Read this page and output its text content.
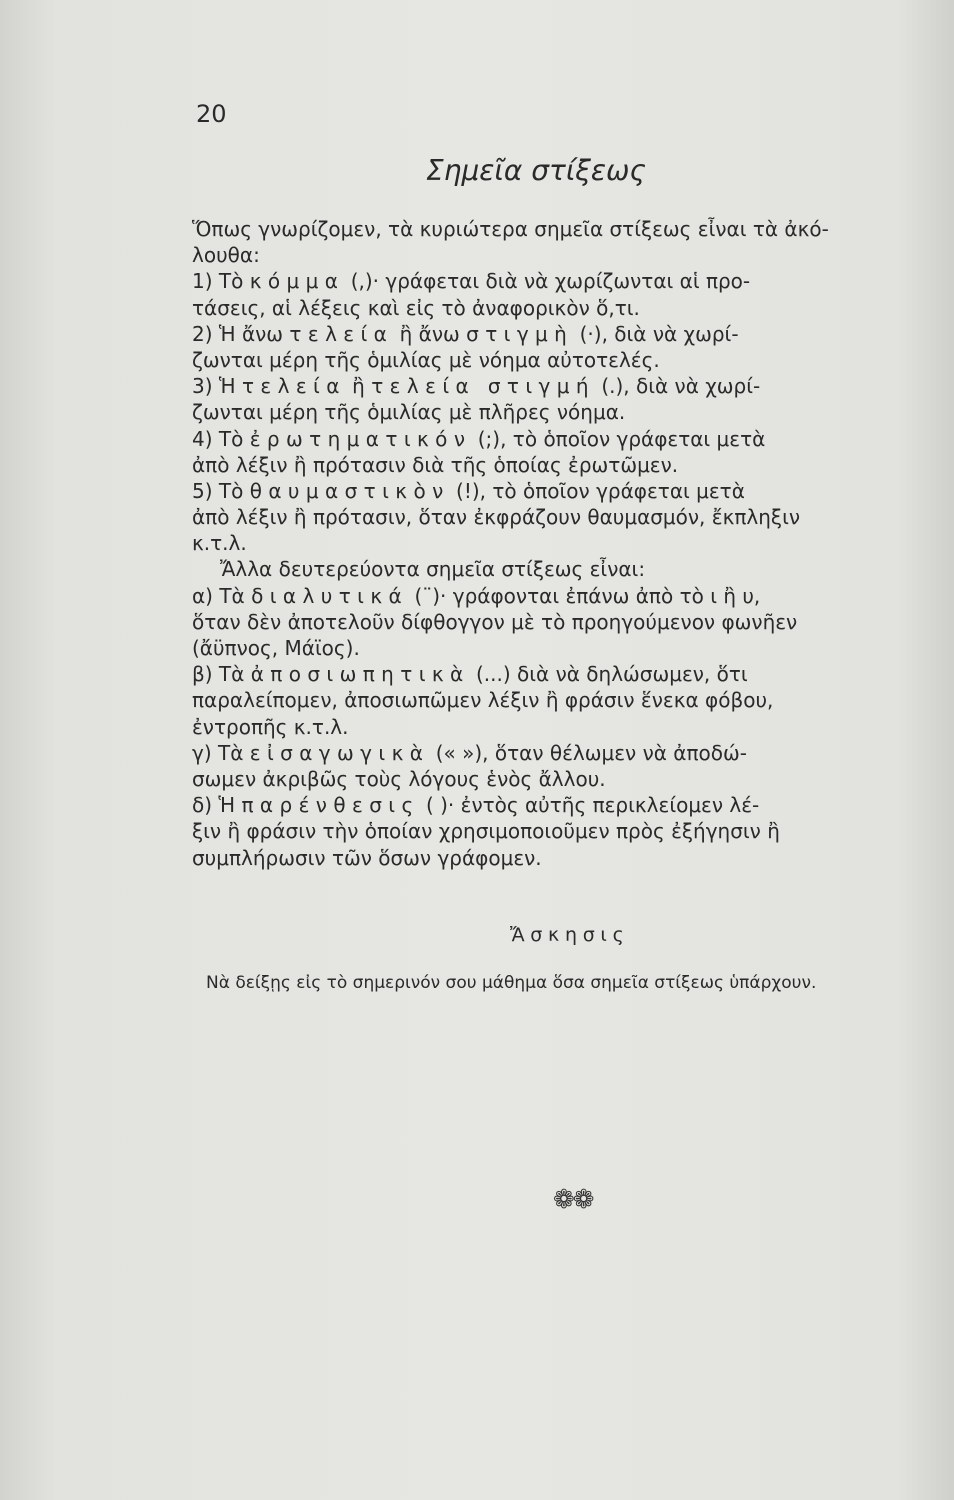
20
Σημεῖα στίξεως
Ὅπως γνωρίζομεν, τὰ κυριώτερα σημεῖα στίξεως εἶναι τὰ ἀκό-
λουθα:
1) Τὸ κόμμα (,)· γράφεται διὰ νὰ χωρίζωνται αἱ προ-
τάσεις, αἱ λέξεις καὶ εἰς τὸ ἀναφορικὸν ὅ,τι.
2) Ἡ ἄνω τελεία ἢ ἄνω στιγμὴ (·), διὰ νὰ χωρί-
ζωνται μέρη τῆς ὁμιλίας μὲ νόημα αὐτοτελές.
3) Ἡ τελεία ἢ τελεία στιγμή (.), διὰ νὰ χωρί-
ζωνται μέρη τῆς ὁμιλίας μὲ πλῆρες νόημα.
4) Τὸ ἐρωτηματικόν (;), τὸ ὁποῖον γράφεται μετὰ
ἀπὸ λέξιν ἢ πρότασιν διὰ τῆς ὁποίας ἐρωτῶμεν.
5) Τὸ θαυμαστικὸν (!), τὸ ὁποῖον γράφεται μετὰ
ἀπὸ λέξιν ἢ πρότασιν, ὅταν ἐκφράζουν θαυμασμόν, ἔκπληξιν
κ.τ.λ.
Ἄλλα δευτερεύοντα σημεῖα στίξεως εἶναι:
α) Τὰ διαλυτικά (¨)· γράφονται ἐπάνω ἀπὸ τὸ ι ἢ υ,
ὅταν δὲν ἀποτελοῦν δίφθογγον μὲ τὸ προηγούμενον φωνῆεν
(ἄϋπνος, Μάϊος).
β) Τὰ ἀποσιωπητικὰ (...) διὰ νὰ δηλώσωμεν, ὅτι
παραλείπομεν, ἀποσιωπῶμεν λέξιν ἢ φράσιν ἕνεκα φόβου,
ἐντροπῆς κ.τ.λ.
γ) Τὰ εἰσαγωγικὰ (« »), ὅταν θέλωμεν νὰ ἀποδώ-
σωμεν ἀκριβῶς τοὺς λόγους ἑνὸς ἄλλου.
δ) Ἡ παρένθεσις ( )· ἐντὸς αὐτῆς περικλείομεν λέ-
ξιν ἢ φράσιν τὴν ὁποίαν χρησιμοποιοῦμεν πρὸς ἐξήγησιν ἢ
συμπλήρωσιν τῶν ὅσων γράφομεν.
Ἄσκησις
Νὰ δείξῃς εἰς τὸ σημερινόν σου μάθημα ὅσα σημεῖα στίξεως ὑπάρχουν.
❁❁
